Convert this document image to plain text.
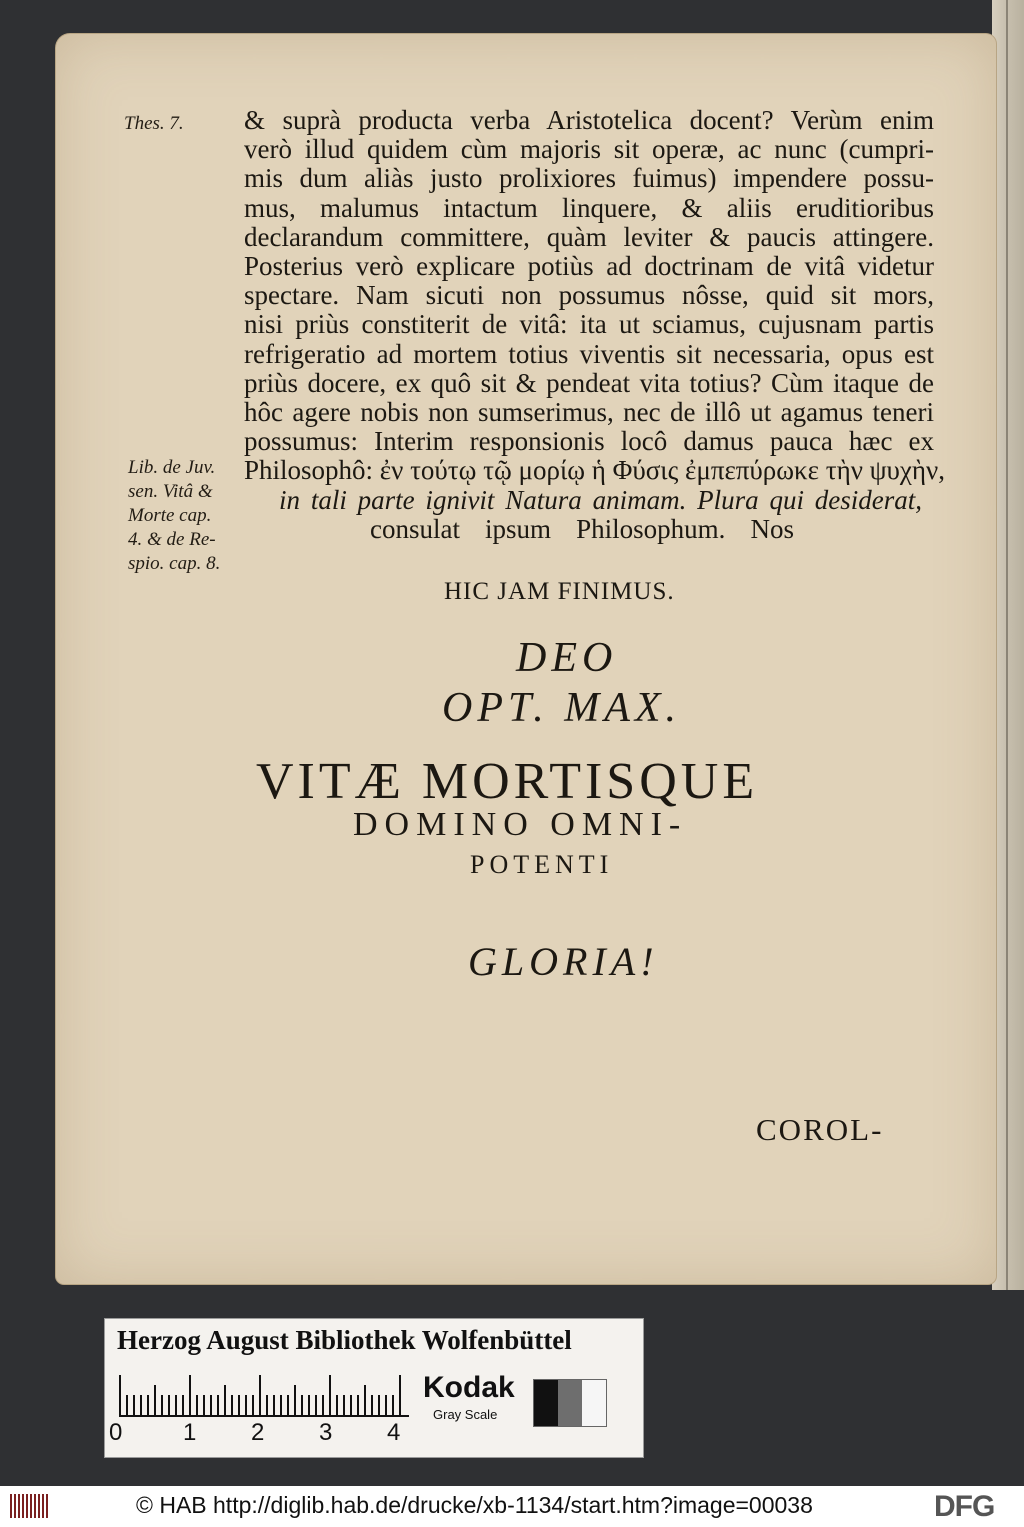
Thes. 7.
Lib. de Juv.
sen. Vitâ &
Morte cap.
4. & de Re-
spio. cap. 8.
& suprà producta verba Aristotelica docent? Verùm enim
verò illud quidem cùm majoris sit operæ, ac nunc (cumpri-
mis dum aliàs justo prolixiores fuimus) impendere possu-
mus, malumus intactum linquere, & aliis eruditioribus
declarandum committere, quàm leviter & paucis attingere.
Posterius verò explicare potiùs ad doctrinam de vitâ videtur
spectare. Nam sicuti non possumus nôsse, quid sit mors,
nisi priùs constiterit de vitâ: ita ut sciamus, cujusnam partis
refrigeratio ad mortem totius viventis sit necessaria, opus est
priùs docere, ex quô sit & pendeat vita totius? Cùm itaque de
hôc agere nobis non sumserimus, nec de illô ut agamus teneri
possumus: Interim responsionis locô damus pauca hæc ex
Philosophô: ἐν τούτῳ τῷ μορίῳ ἡ Φύσις ἐμπεπύρωκε τὴν ψυχὴν,
in tali parte ignivit Natura animam. Plura qui desiderat,
consulat ipsum Philosophum. Nos
HIC JAM FINIMUS.
DEO
OPT. MAX.
VITÆ MORTISQUE
DOMINO OMNI-
POTENTI
GLORIA!
COROL-
Herzog August Bibliothek Wolfenbüttel
0	1 2 3 4
Kodak
Gray Scale
© HAB http://diglib.hab.de/drucke/xb-1134/start.htm?image=00038	DFG
